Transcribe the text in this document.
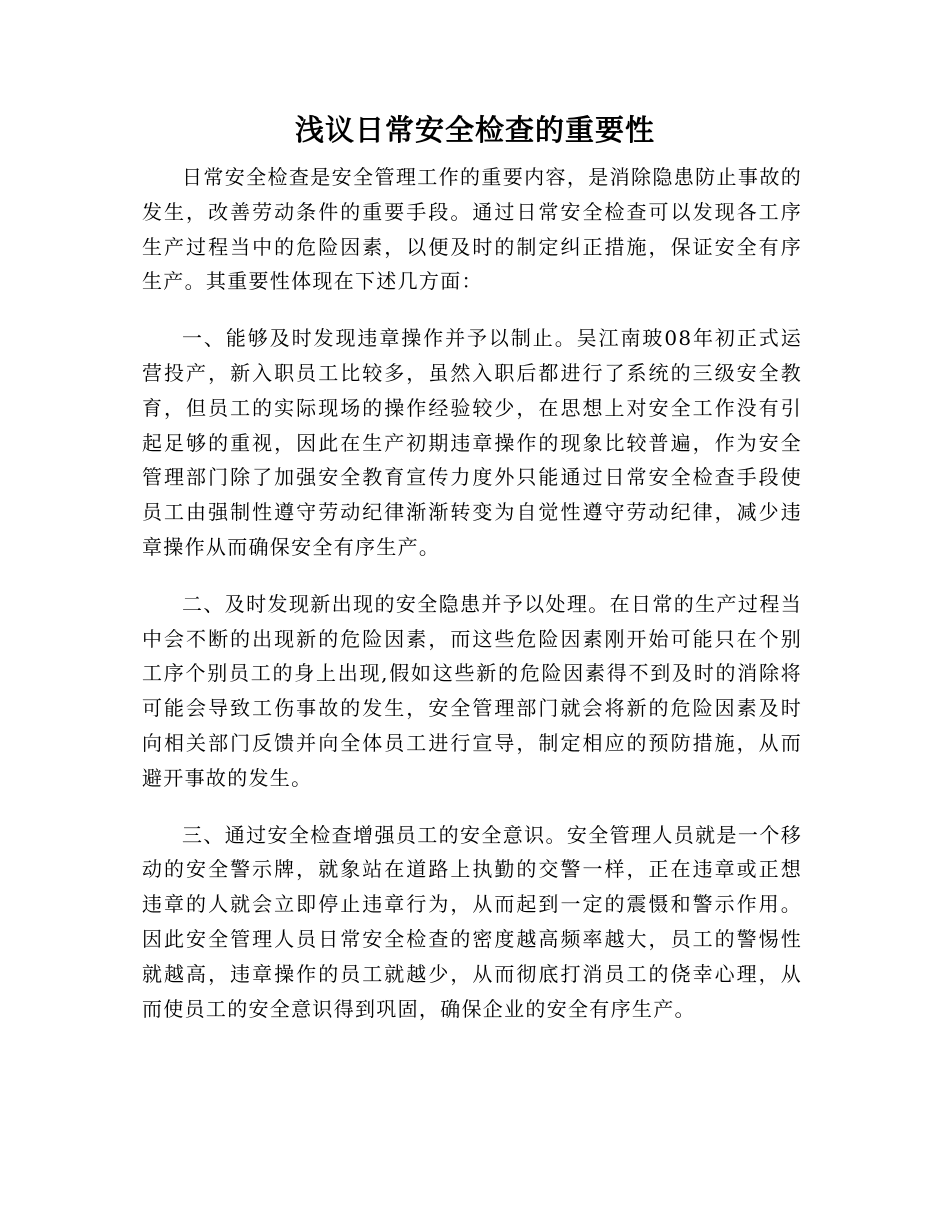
浅议日常安全检查的重要性

日常安全检查是安全管理工作的重要内容，是消除隐患防止事故的发生，改善劳动条件的重要手段。通过日常安全检查可以发现各工序生产过程当中的危险因素，以便及时的制定纠正措施，保证安全有序生产。其重要性体现在下述几方面：

一、能够及时发现违章操作并予以制止。吴江南玻08年初正式运营投产，新入职员工比较多，虽然入职后都进行了系统的三级安全教育，但员工的实际现场的操作经验较少，在思想上对安全工作没有引起足够的重视，因此在生产初期违章操作的现象比较普遍，作为安全管理部门除了加强安全教育宣传力度外只能通过日常安全检查手段使员工由强制性遵守劳动纪律渐渐转变为自觉性遵守劳动纪律，减少违章操作从而确保安全有序生产。

二、及时发现新出现的安全隐患并予以处理。在日常的生产过程当中会不断的出现新的危险因素，而这些危险因素刚开始可能只在个别工序个别员工的身上出现,假如这些新的危险因素得不到及时的消除将可能会导致工伤事故的发生，安全管理部门就会将新的危险因素及时向相关部门反馈并向全体员工进行宣导，制定相应的预防措施，从而避开事故的发生。

三、通过安全检查增强员工的安全意识。安全管理人员就是一个移动的安全警示牌，就象站在道路上执勤的交警一样，正在违章或正想违章的人就会立即停止违章行为，从而起到一定的震慑和警示作用。因此安全管理人员日常安全检查的密度越高频率越大，员工的警惕性就越高，违章操作的员工就越少，从而彻底打消员工的侥幸心理，从而使员工的安全意识得到巩固，确保企业的安全有序生产。
